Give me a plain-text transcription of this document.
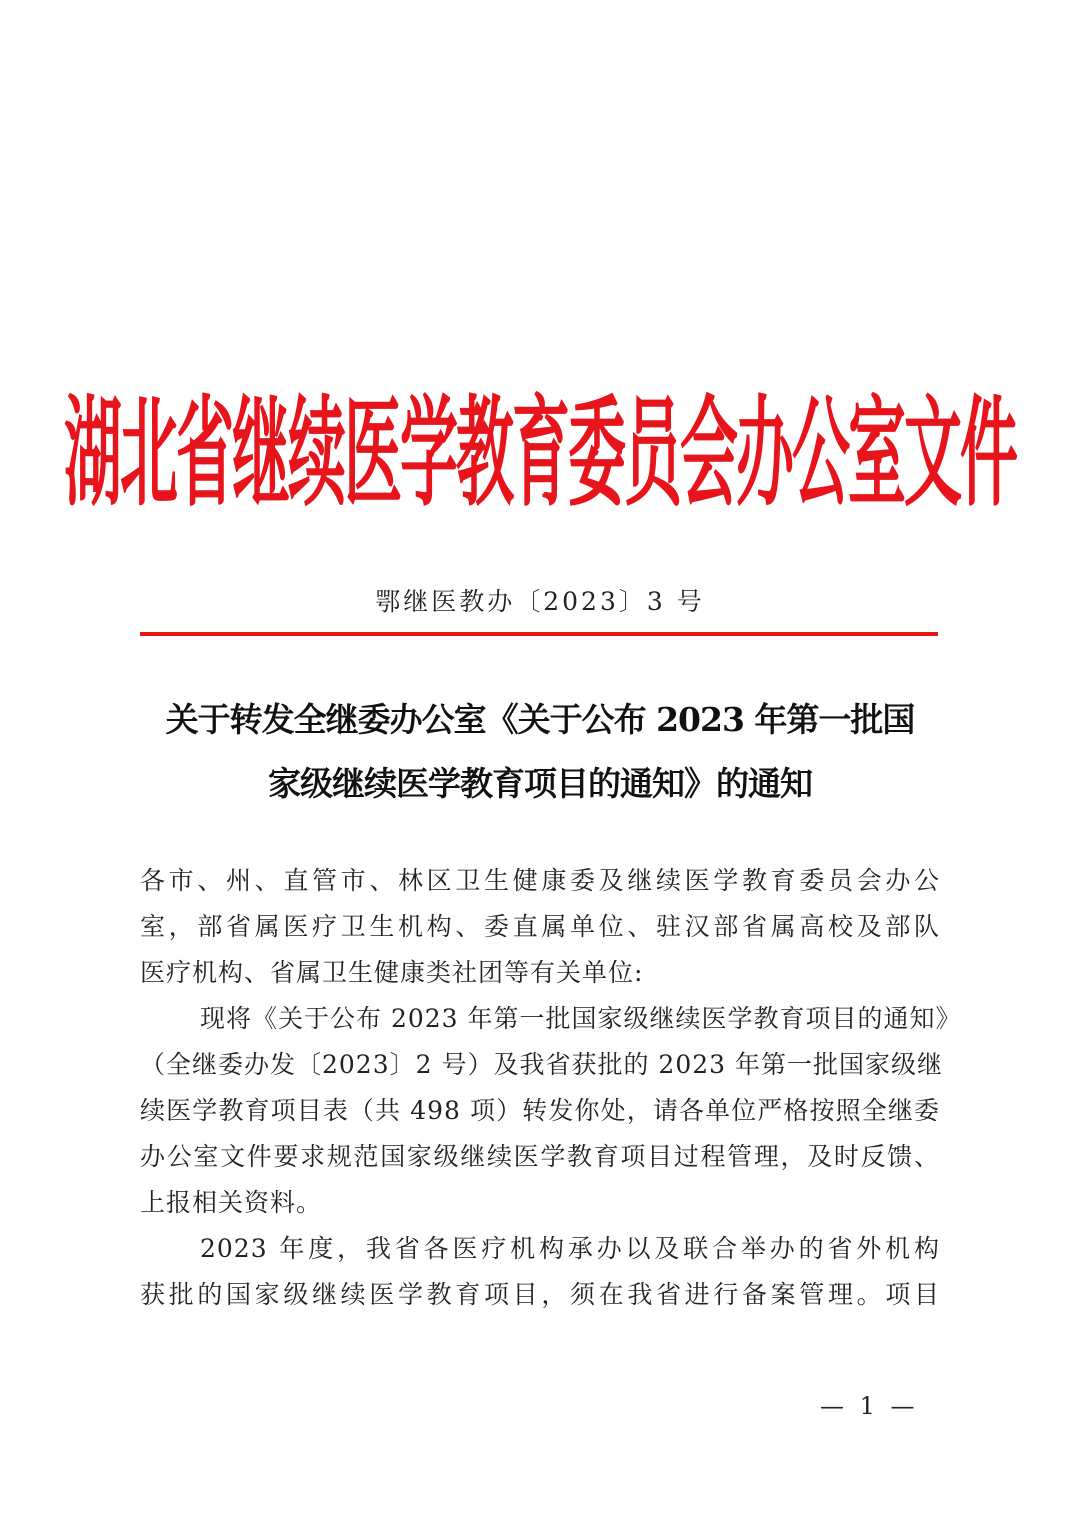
湖北省继续医学教育委员会办公室文件
鄂继医教办〔2023〕3 号
关于转发全继委办公室《关于公布 2023 年第一批国
家级继续医学教育项目的通知》的通知
各市、州、直管市、林区卫生健康委及继续医学教育委员会办公
室，部省属医疗卫生机构、委直属单位、驻汉部省属高校及部队
医疗机构、省属卫生健康类社团等有关单位:
现将《关于公布 2023 年第一批国家级继续医学教育项目的通知》
（全继委办发〔2023〕2 号）及我省获批的 2023 年第一批国家级继
续医学教育项目表（共 498 项）转发你处，请各单位严格按照全继委
办公室文件要求规范国家级继续医学教育项目过程管理，及时反馈、
上报相关资料。
2023 年度，我省各医疗机构承办以及联合举办的省外机构
获批的国家级继续医学教育项目，须在我省进行备案管理。项目
— 1 —
